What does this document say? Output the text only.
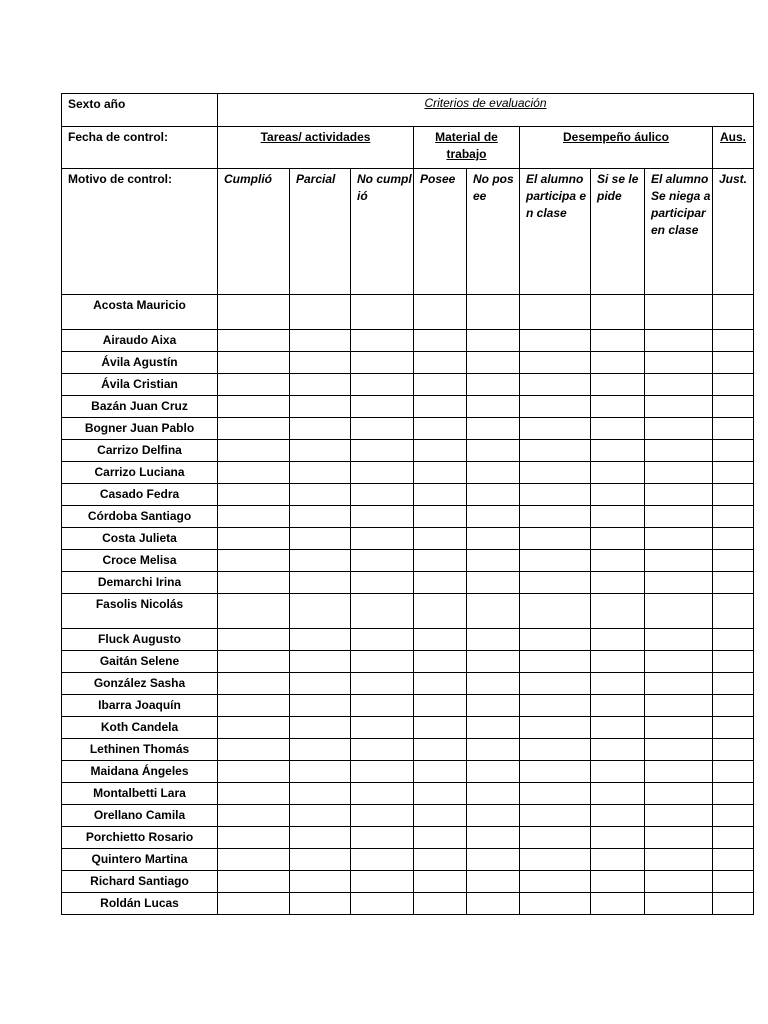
Sexto año	Criterios de evaluación								
Fecha de control:	Tareas/ actividades			Material de trabajo		Desempeño áulico			Aus.
Motivo de control:	Cumplió	Parcial	No cumplió	Posee	No posee	El alumno participa en clase	Si se le pide	El alumno Se niega a participar en clase	Just.
Acosta Mauricio									
Airaudo Aixa									
Ávila Agustín									
Ávila Cristian									
Bazán Juan Cruz									
Bogner Juan Pablo									
Carrizo Delfina									
Carrizo Luciana									
Casado Fedra									
Córdoba Santiago									
Costa Julieta									
Croce Melisa									
Demarchi Irina									
Fasolis Nicolás									
Fluck Augusto									
Gaitán Selene									
González Sasha									
Ibarra Joaquín									
Koth Candela									
Lethinen Thomás									
Maidana Ángeles									
Montalbetti Lara									
Orellano Camila									
Porchietto Rosario									
Quintero Martina									
Richard Santiago									
Roldán Lucas									
